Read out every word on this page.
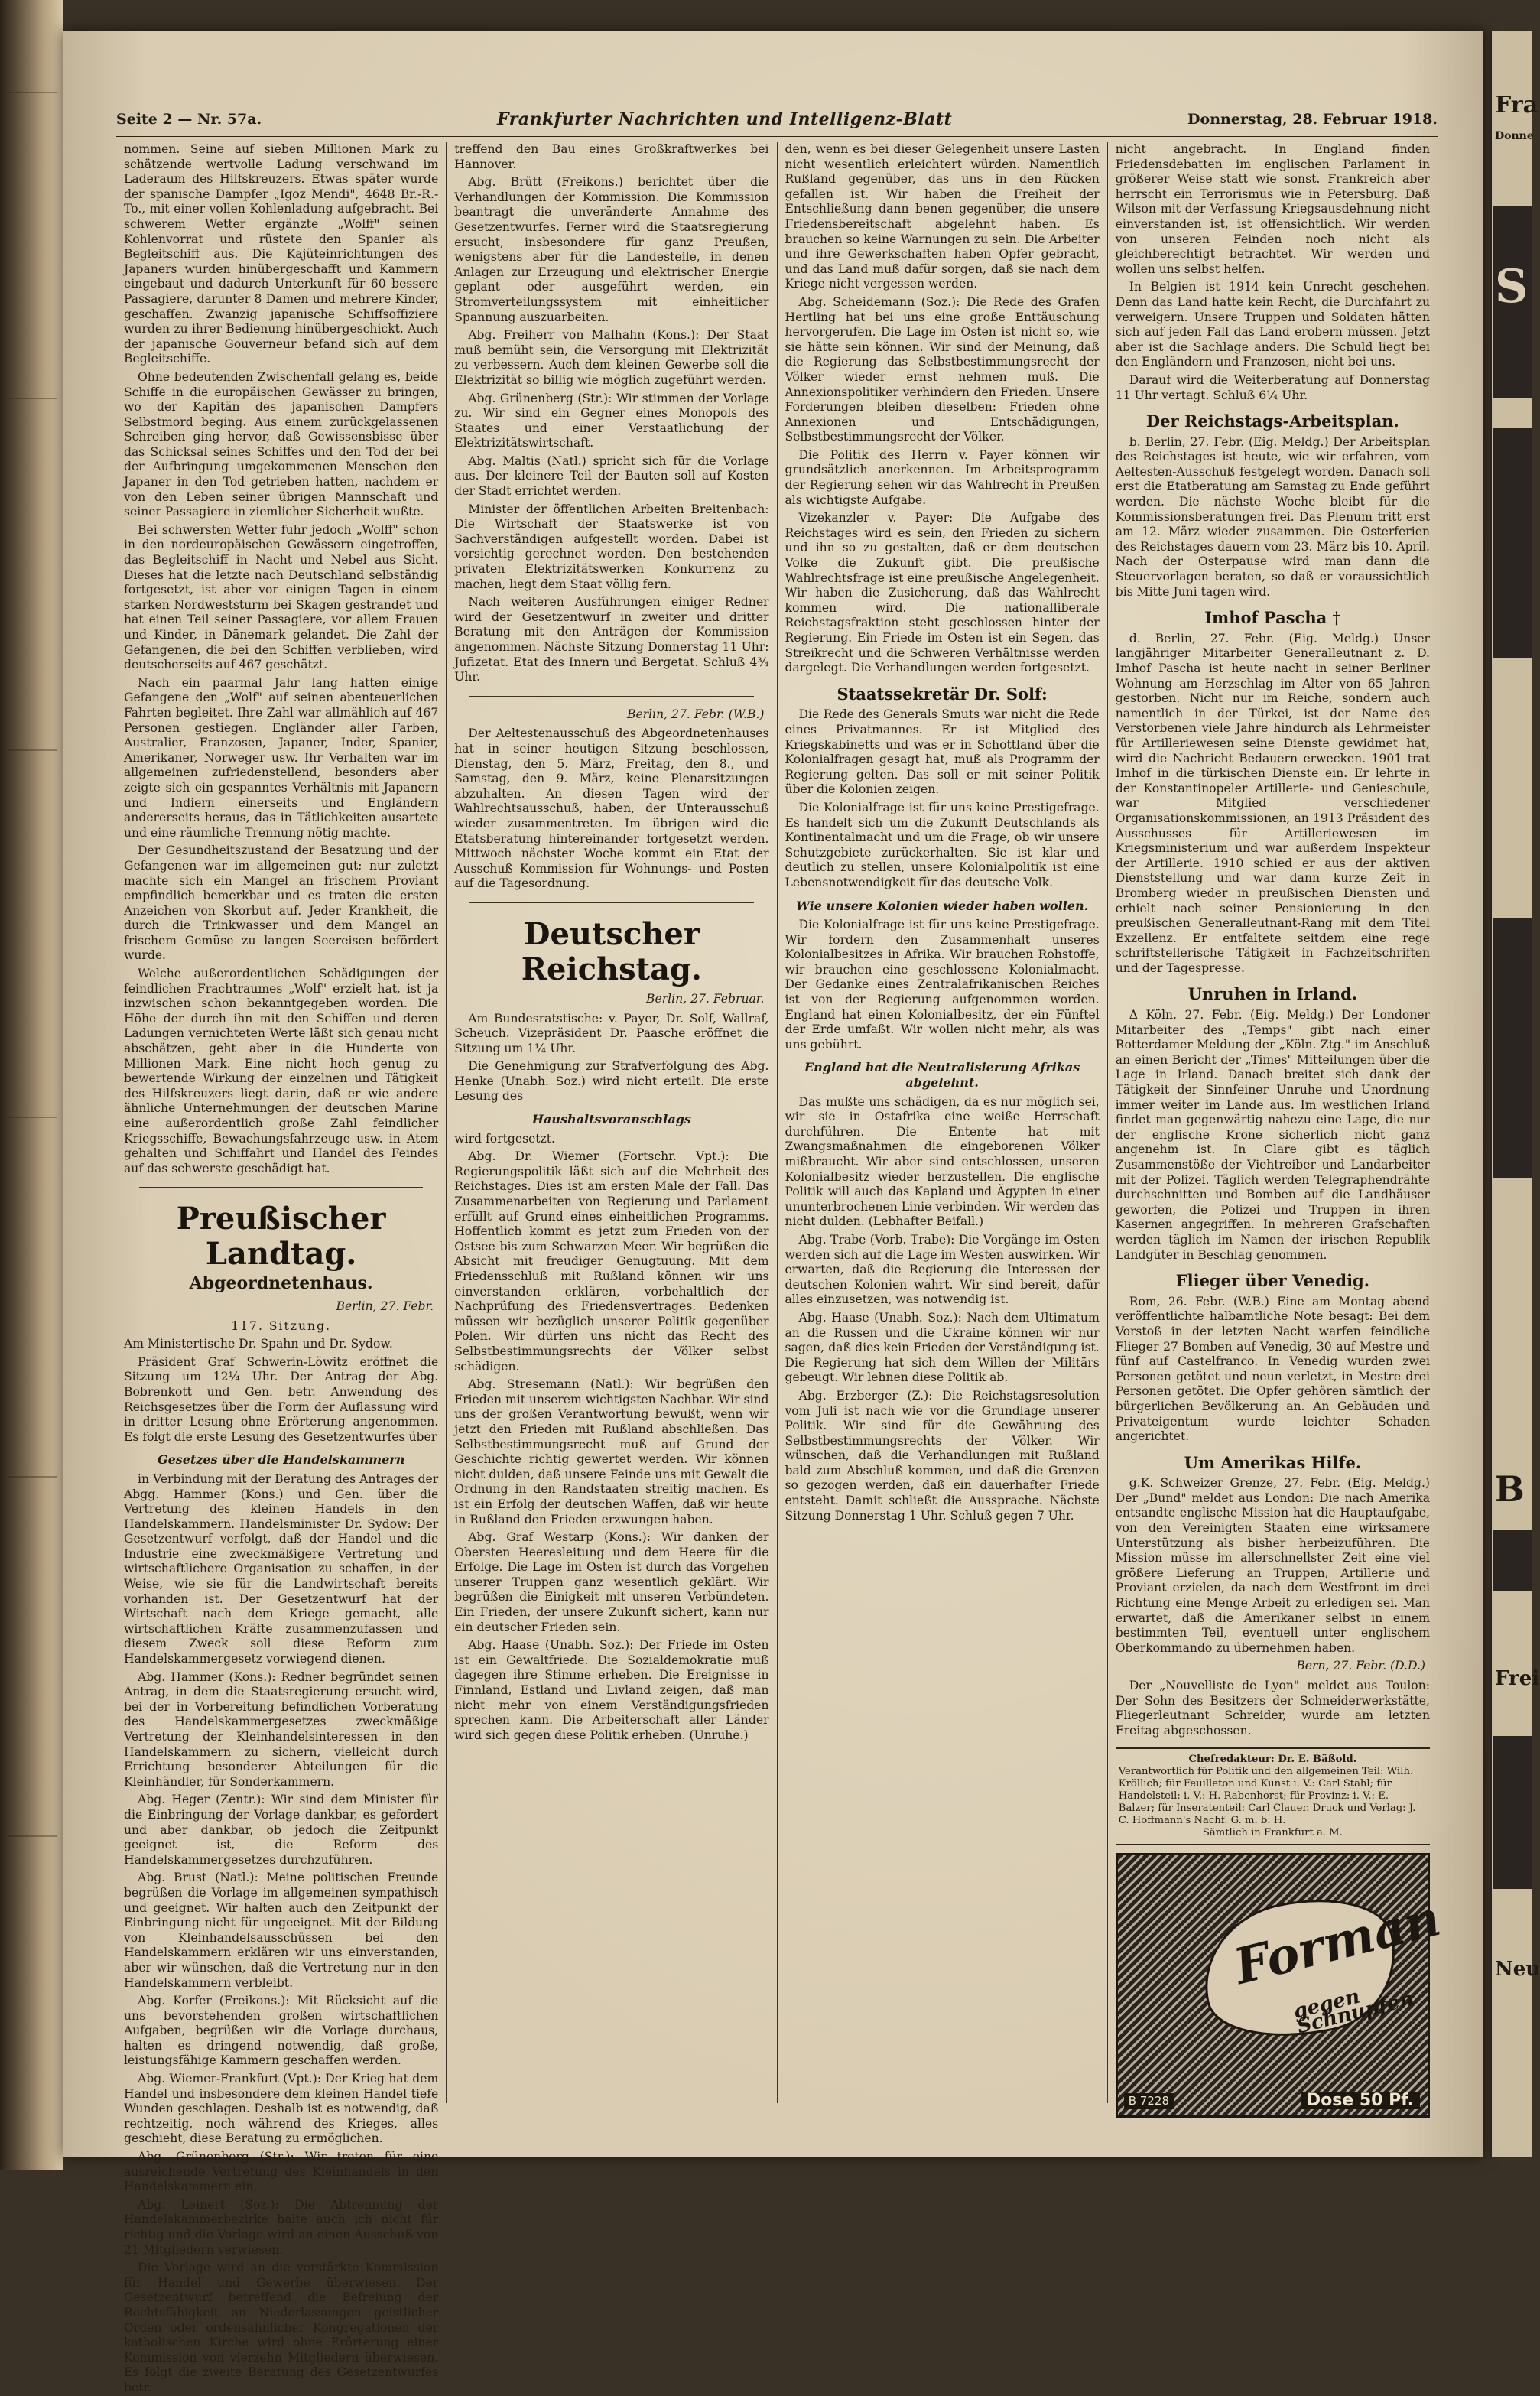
Seite 2 — Nr. 57a.	Frankfurter Nachrichten und Intelligenz-Blatt	Donnerstag, 28. Februar 1918.

nommen. Seine auf sieben Millionen Mark zu schätzende wertvolle Ladung verschwand im Laderaum des Hilfskreuzers. Etwas später wurde der spanische Dampfer „Igoz Mendi", 4648 Br.-R.-To., mit einer vollen Kohlenladung aufgebracht. Bei schwerem Wetter ergänzte „Wolff" seinen Kohlenvorrat und rüstete den Spanier als Begleitschiff aus. Die Kajüteinrichtungen des Japaners wurden hinübergeschafft und Kammern eingebaut und dadurch Unterkunft für 60 bessere Passagiere, darunter 8 Damen und mehrere Kinder, geschaffen. Zwanzig japanische Schiffsoffiziere wurden zu ihrer Bedienung hinübergeschickt. Auch der japanische Gouverneur befand sich auf dem Begleitschiffe.

Ohne bedeutenden Zwischenfall gelang es, beide Schiffe in die europäischen Gewässer zu bringen, wo der Kapitän des japanischen Dampfers Selbstmord beging. Aus einem zurückgelassenen Schreiben ging hervor, daß Gewissensbisse über das Schicksal seines Schiffes und den Tod der bei der Aufbringung umgekommenen Menschen den Japaner in den Tod getrieben hatten, nachdem er von den Leben seiner übrigen Mannschaft und seiner Passagiere in ziemlicher Sicherheit wußte.

Bei schwersten Wetter fuhr jedoch „Wolff" schon in den nordeuropäischen Gewässern eingetroffen, das Begleitschiff in Nacht und Nebel aus Sicht. Dieses hat die letzte nach Deutschland selbständig fortgesetzt, ist aber vor einigen Tagen in einem starken Nordweststurm bei Skagen gestrandet und hat einen Teil seiner Passagiere, vor allem Frauen und Kinder, in Dänemark gelandet. Die Zahl der Gefangenen, die bei den Schiffen verblieben, wird deutscherseits auf 467 geschätzt.

Nach ein paarmal Jahr lang hatten einige Gefangene den „Wolf" auf seinen abenteuerlichen Fahrten begleitet. Ihre Zahl war allmählich auf 467 Personen gestiegen. Engländer aller Farben, Australier, Franzosen, Japaner, Inder, Spanier, Amerikaner, Norweger usw. Ihr Verhalten war im allgemeinen zufriedenstellend, besonders aber zeigte sich ein gespanntes Verhältnis mit Japanern und Indiern einerseits und Engländern andererseits heraus, das in Tätlichkeiten ausartete und eine räumliche Trennung nötig machte.

Der Gesundheitszustand der Besatzung und der Gefangenen war im allgemeinen gut; nur zuletzt machte sich ein Mangel an frischem Proviant empfindlich bemerkbar und es traten die ersten Anzeichen von Skorbut auf. Jeder Krankheit, die durch die Trinkwasser und dem Mangel an frischem Gemüse zu langen Seereisen befördert wurde.

Welche außerordentlichen Schädigungen der feindlichen Frachtraumes „Wolf" erzielt hat, ist ja inzwischen schon bekanntgegeben worden. Die Höhe der durch ihn mit den Schiffen und deren Ladungen vernichteten Werte läßt sich genau nicht abschätzen, geht aber in die Hunderte von Millionen Mark. Eine nicht hoch genug zu bewertende Wirkung der einzelnen und Tätigkeit des Hilfskreuzers liegt darin, daß er wie andere ähnliche Unternehmungen der deutschen Marine eine außerordentlich große Zahl feindlicher Kriegsschiffe, Bewachungsfahrzeuge usw. in Atem gehalten und Schiffahrt und Handel des Feindes auf das schwerste geschädigt hat.

Preußischer Landtag.
Abgeordnetenhaus.
Berlin, 27. Febr.
117. Sitzung.

Am Ministertische Dr. Spahn und Dr. Sydow.

Präsident Graf Schwerin-Löwitz eröffnet die Sitzung um 12¼ Uhr. Der Antrag der Abg. Bobrenkott und Gen. betr. Anwendung des Reichsgesetzes über die Form der Auflassung wird in dritter Lesung ohne Erörterung angenommen. Es folgt die erste Lesung des Gesetzentwurfes über

Gesetzes über die Handelskammern

in Verbindung mit der Beratung des Antrages der Abgg. Hammer (Kons.) und Gen. über die Vertretung des kleinen Handels in den Handelskammern. Handelsminister Dr. Sydow: Der Gesetzentwurf verfolgt, daß der Handel und die Industrie eine zweckmäßigere Vertretung und wirtschaftlichere Organisation zu schaffen, in der Weise, wie sie für die Landwirtschaft bereits vorhanden ist. Der Gesetzentwurf hat der Wirtschaft nach dem Kriege gemacht, alle wirtschaftlichen Kräfte zusammenzufassen und diesem Zweck soll diese Reform zum Handelskammergesetz vorwiegend dienen.

Abg. Hammer (Kons.): Redner begründet seinen Antrag, in dem die Staatsregierung ersucht wird, bei der in Vorbereitung befindlichen Vorberatung des Handelskammergesetzes zweckmäßige Vertretung der Kleinhandelsinteressen in den Handelskammern zu sichern, vielleicht durch Errichtung besonderer Abteilungen für die Kleinhändler, für Sonderkammern.

Abg. Heger (Zentr.): Wir sind dem Minister für die Einbringung der Vorlage dankbar, es gefordert und aber dankbar, ob jedoch die Zeitpunkt geeignet ist, die Reform des Handelskammergesetzes durchzuführen.

Abg. Brust (Natl.): Meine politischen Freunde begrüßen die Vorlage im allgemeinen sympathisch und geeignet. Wir halten auch den Zeitpunkt der Einbringung nicht für ungeeignet. Mit der Bildung von Kleinhandelsausschüssen bei den Handelskammern erklären wir uns einverstanden, aber wir wünschen, daß die Vertretung nur in den Handelskammern verbleibt.

Abg. Korfer (Freikons.): Mit Rücksicht auf die uns bevorstehenden großen wirtschaftlichen Aufgaben, begrüßen wir die Vorlage durchaus, halten es dringend notwendig, daß große, leistungsfähige Kammern geschaffen werden.

Abg. Wiemer-Frankfurt (Vpt.): Der Krieg hat dem Handel und insbesondere dem kleinen Handel tiefe Wunden geschlagen. Deshalb ist es notwendig, daß rechtzeitig, noch während des Krieges, alles geschieht, diese Beratung zu ermöglichen.

Abg. Grünenberg (Str.): Wir treten für eine ausreichende Vertretung des Kleinhandels in den Handelskammern ein.

Abg. Leinert (Soz.): Die Abtrennung der Handelskammerbezirke halte auch ich nicht für richtig und die Vorlage wird an einen Ausschuß von 21 Mitgliedern verwiesen.

Die Vorlage wird an die verstärkte Kommission für Handel und Gewerbe überwiesen. Der Gesetzentwurf betreffend die Befreiung der Rechtsfähigkeit an Niederlassungen geistlicher Orden oder ordensähnlicher Kongregationen der katholischen Kirche wird ohne Erörterung einer Kommission von vierzehn Mitgliedern überwiesen. Es folgt die zweite Beratung des Gesetzentwurfes betr.

treffend den Bau eines Großkraftwerkes bei Hannover.

Abg. Brütt (Freikons.) berichtet über die Verhandlungen der Kommission. Die Kommission beantragt die unveränderte Annahme des Gesetzentwurfes. Ferner wird die Staatsregierung ersucht, insbesondere für ganz Preußen, wenigstens aber für die Landesteile, in denen Anlagen zur Erzeugung und elektrischer Energie geplant oder ausgeführt werden, ein Stromverteilungssystem mit einheitlicher Spannung auszuarbeiten.

Abg. Freiherr von Malhahn (Kons.): Der Staat muß bemüht sein, die Versorgung mit Elektrizität zu verbessern. Auch dem kleinen Gewerbe soll die Elektrizität so billig wie möglich zugeführt werden.

Abg. Grünenberg (Str.): Wir stimmen der Vorlage zu. Wir sind ein Gegner eines Monopols des Staates und einer Verstaatlichung der Elektrizitätswirtschaft.

Abg. Maltis (Natl.) spricht sich für die Vorlage aus. Der kleinere Teil der Bauten soll auf Kosten der Stadt errichtet werden.

Minister der öffentlichen Arbeiten Breitenbach: Die Wirtschaft der Staatswerke ist von Sachverständigen aufgestellt worden. Dabei ist vorsichtig gerechnet worden. Den bestehenden privaten Elektrizitätswerken Konkurrenz zu machen, liegt dem Staat völlig fern.

Nach weiteren Ausführungen einiger Redner wird der Gesetzentwurf in zweiter und dritter Beratung mit den Anträgen der Kommission angenommen. Nächste Sitzung Donnerstag 11 Uhr: Jufizetat. Etat des Innern und Bergetat. Schluß 4¾ Uhr.

Berlin, 27. Febr. (W.B.)

Der Aeltestenausschuß des Abgeordnetenhauses hat in seiner heutigen Sitzung beschlossen, Dienstag, den 5. März, Freitag, den 8., und Samstag, den 9. März, keine Plenarsitzungen abzuhalten. An diesen Tagen wird der Wahlrechtsausschuß, haben, der Unterausschuß wieder zusammentreten. Im übrigen wird die Etatsberatung hintereinander fortgesetzt werden. Mittwoch nächster Woche kommt ein Etat der Ausschuß Kommission für Wohnungs- und Posten auf die Tagesordnung.

Deutscher Reichstag.
Berlin, 27. Februar.

Am Bundesratstische: v. Payer, Dr. Solf, Wallraf, Scheuch. Vizepräsident Dr. Paasche eröffnet die Sitzung um 1¼ Uhr.

Die Genehmigung zur Strafverfolgung des Abg. Henke (Unabh. Soz.) wird nicht erteilt. Die erste Lesung des

Haushaltsvoranschlags

wird fortgesetzt.

Abg. Dr. Wiemer (Fortschr. Vpt.): Die Regierungspolitik läßt sich auf die Mehrheit des Reichstages. Dies ist am ersten Male der Fall. Das Zusammenarbeiten von Regierung und Parlament erfüllt auf Grund eines einheitlichen Programms. Hoffentlich kommt es jetzt zum Frieden von der Ostsee bis zum Schwarzen Meer. Wir begrüßen die Absicht mit freudiger Genugtuung. Mit dem Friedensschluß mit Rußland können wir uns einverstanden erklären, vorbehaltlich der Nachprüfung des Friedensvertrages. Bedenken müssen wir bezüglich unserer Politik gegenüber Polen. Wir dürfen uns nicht das Recht des Selbstbestimmungsrechts der Völker selbst schädigen.

Abg. Stresemann (Natl.): Wir begrüßen den Frieden mit unserem wichtigsten Nachbar. Wir sind uns der großen Verantwortung bewußt, wenn wir jetzt den Frieden mit Rußland abschließen. Das Selbstbestimmungsrecht muß auf Grund der Geschichte richtig gewertet werden. Wir können nicht dulden, daß unsere Feinde uns mit Gewalt die Ordnung in den Randstaaten streitig machen. Es ist ein Erfolg der deutschen Waffen, daß wir heute in Rußland den Frieden erzwungen haben.

Abg. Graf Westarp (Kons.): Wir danken der Obersten Heeresleitung und dem Heere für die Erfolge. Die Lage im Osten ist durch das Vorgehen unserer Truppen ganz wesentlich geklärt. Wir begrüßen die Einigkeit mit unseren Verbündeten. Ein Frieden, der unsere Zukunft sichert, kann nur ein deutscher Frieden sein.

Abg. Haase (Unabh. Soz.): Der Friede im Osten ist ein Gewaltfriede. Die Sozialdemokratie muß dagegen ihre Stimme erheben. Die Ereignisse in Finnland, Estland und Livland zeigen, daß man nicht mehr von einem Verständigungsfrieden sprechen kann. Die Arbeiterschaft aller Länder wird sich gegen diese Politik erheben. (Unruhe.)

den, wenn es bei dieser Gelegenheit unsere Lasten nicht wesentlich erleichtert würden. Namentlich Rußland gegenüber, das uns in den Rücken gefallen ist. Wir haben die Freiheit der Entschließung dann benen gegenüber, die unsere Friedensbereitschaft abgelehnt haben. Es brauchen so keine Warnungen zu sein. Die Arbeiter und ihre Gewerkschaften haben Opfer gebracht, und das Land muß dafür sorgen, daß sie nach dem Kriege nicht vergessen werden.

Abg. Scheidemann (Soz.): Die Rede des Grafen Hertling hat bei uns eine große Enttäuschung hervorgerufen. Die Lage im Osten ist nicht so, wie sie hätte sein können. Wir sind der Meinung, daß die Regierung das Selbstbestimmungsrecht der Völker wieder ernst nehmen muß. Die Annexionspolitiker verhindern den Frieden. Unsere Forderungen bleiben dieselben: Frieden ohne Annexionen und Entschädigungen, Selbstbestimmungsrecht der Völker.

Die Politik des Herrn v. Payer können wir grundsätzlich anerkennen. Im Arbeitsprogramm der Regierung sehen wir das Wahlrecht in Preußen als wichtigste Aufgabe.

Vizekanzler v. Payer: Die Aufgabe des Reichstages wird es sein, den Frieden zu sichern und ihn so zu gestalten, daß er dem deutschen Volke die Zukunft gibt. Die preußische Wahlrechtsfrage ist eine preußische Angelegenheit. Wir haben die Zusicherung, daß das Wahlrecht kommen wird. Die nationalliberale Reichstagsfraktion steht geschlossen hinter der Regierung. Ein Friede im Osten ist ein Segen, das Streikrecht und die Schweren Verhältnisse werden dargelegt. Die Verhandlungen werden fortgesetzt.

Staatssekretär Dr. Solf:

Die Rede des Generals Smuts war nicht die Rede eines Privatmannes. Er ist Mitglied des Kriegskabinetts und was er in Schottland über die Kolonialfragen gesagt hat, muß als Programm der Regierung gelten. Das soll er mit seiner Politik über die Kolonien zeigen.

Die Kolonialfrage ist für uns keine Prestigefrage. Es handelt sich um die Zukunft Deutschlands als Kontinentalmacht und um die Frage, ob wir unsere Schutzgebiete zurückerhalten. Sie ist klar und deutlich zu stellen, unsere Kolonialpolitik ist eine Lebensnotwendigkeit für das deutsche Volk.

Wie unsere Kolonien wieder haben wollen.

Die Kolonialfrage ist für uns keine Prestigefrage. Wir fordern den Zusammenhalt unseres Kolonialbesitzes in Afrika. Wir brauchen Rohstoffe, wir brauchen eine geschlossene Kolonialmacht. Der Gedanke eines Zentralafrikanischen Reiches ist von der Regierung aufgenommen worden. England hat einen Kolonialbesitz, der ein Fünftel der Erde umfaßt. Wir wollen nicht mehr, als was uns gebührt.

England hat die Neutralisierung Afrikas abgelehnt.

Das mußte uns schädigen, da es nur möglich sei, wir sie in Ostafrika eine weiße Herrschaft durchführen. Die Entente hat mit Zwangsmaßnahmen die eingeborenen Völker mißbraucht. Wir aber sind entschlossen, unseren Kolonialbesitz wieder herzustellen. Die englische Politik will auch das Kapland und Ägypten in einer ununterbrochenen Linie verbinden. Wir werden das nicht dulden. (Lebhafter Beifall.)

Abg. Trabe (Vorb. Trabe): Die Vorgänge im Osten werden sich auf die Lage im Westen auswirken. Wir erwarten, daß die Regierung die Interessen der deutschen Kolonien wahrt. Wir sind bereit, dafür alles einzusetzen, was notwendig ist.

Abg. Haase (Unabh. Soz.): Nach dem Ultimatum an die Russen und die Ukraine können wir nur sagen, daß dies kein Frieden der Verständigung ist. Die Regierung hat sich dem Willen der Militärs gebeugt. Wir lehnen diese Politik ab.

Abg. Erzberger (Z.): Die Reichstagsresolution vom Juli ist nach wie vor die Grundlage unserer Politik. Wir sind für die Gewährung des Selbstbestimmungsrechts der Völker. Wir wünschen, daß die Verhandlungen mit Rußland bald zum Abschluß kommen, und daß die Grenzen so gezogen werden, daß ein dauerhafter Friede entsteht. Damit schließt die Aussprache. Nächste Sitzung Donnerstag 1 Uhr. Schluß gegen 7 Uhr.

nicht angebracht. In England finden Friedensdebatten im englischen Parlament in größerer Weise statt wie sonst. Frankreich aber herrscht ein Terrorismus wie in Petersburg. Daß Wilson mit der Verfassung Kriegsausdehnung nicht einverstanden ist, ist offensichtlich. Wir werden von unseren Feinden noch nicht als gleichberechtigt betrachtet. Wir werden und wollen uns selbst helfen.

In Belgien ist 1914 kein Unrecht geschehen. Denn das Land hatte kein Recht, die Durchfahrt zu verweigern. Unsere Truppen und Soldaten hätten sich auf jeden Fall das Land erobern müssen. Jetzt aber ist die Sachlage anders. Die Schuld liegt bei den Engländern und Franzosen, nicht bei uns.

Darauf wird die Weiterberatung auf Donnerstag 11 Uhr vertagt. Schluß 6¼ Uhr.

Der Reichstags-Arbeitsplan.

b. Berlin, 27. Febr. (Eig. Meldg.) Der Arbeitsplan des Reichstages ist heute, wie wir erfahren, vom Aeltesten-Ausschuß festgelegt worden. Danach soll erst die Etatberatung am Samstag zu Ende geführt werden. Die nächste Woche bleibt für die Kommissionsberatungen frei. Das Plenum tritt erst am 12. März wieder zusammen. Die Osterferien des Reichstages dauern vom 23. März bis 10. April. Nach der Osterpause wird man dann die Steuervorlagen beraten, so daß er voraussichtlich bis Mitte Juni tagen wird.

Imhof Pascha †

d. Berlin, 27. Febr. (Eig. Meldg.) Unser langjähriger Mitarbeiter Generalleutnant z. D. Imhof Pascha ist heute nacht in seiner Berliner Wohnung am Herzschlag im Alter von 65 Jahren gestorben. Nicht nur im Reiche, sondern auch namentlich in der Türkei, ist der Name des Verstorbenen viele Jahre hindurch als Lehrmeister für Artilleriewesen seine Dienste gewidmet hat, wird die Nachricht Bedauern erwecken. 1901 trat Imhof in die türkischen Dienste ein. Er lehrte in der Konstantinopeler Artillerie- und Genieschule, war Mitglied verschiedener Organisationskommissionen, an 1913 Präsident des Ausschusses für Artilleriewesen im Kriegsministerium und war außerdem Inspekteur der Artillerie. 1910 schied er aus der aktiven Dienststellung und war dann kurze Zeit in Bromberg wieder in preußischen Diensten und erhielt nach seiner Pensionierung in den preußischen Generalleutnant-Rang mit dem Titel Exzellenz. Er entfaltete seitdem eine rege schriftstellerische Tätigkeit in Fachzeitschriften und der Tagespresse.

Unruhen in Irland.

Δ Köln, 27. Febr. (Eig. Meldg.) Der Londoner Mitarbeiter des „Temps" gibt nach einer Rotterdamer Meldung der „Köln. Ztg." im Anschluß an einen Bericht der „Times" Mitteilungen über die Lage in Irland. Danach breitet sich dank der Tätigkeit der Sinnfeiner Unruhe und Unordnung immer weiter im Lande aus. Im westlichen Irland findet man gegenwärtig nahezu eine Lage, die nur der englische Krone sicherlich nicht ganz angenehm ist. In Clare gibt es täglich Zusammenstöße der Viehtreiber und Landarbeiter mit der Polizei. Täglich werden Telegraphendrähte durchschnitten und Bomben auf die Landhäuser geworfen, die Polizei und Truppen in ihren Kasernen angegriffen. In mehreren Grafschaften werden täglich im Namen der irischen Republik Landgüter in Beschlag genommen.

Flieger über Venedig.

Rom, 26. Febr. (W.B.) Eine am Montag abend veröffentlichte halbamtliche Note besagt: Bei dem Vorstoß in der letzten Nacht warfen feindliche Flieger 27 Bomben auf Venedig, 30 auf Mestre und fünf auf Castelfranco. In Venedig wurden zwei Personen getötet und neun verletzt, in Mestre drei Personen getötet. Die Opfer gehören sämtlich der bürgerlichen Bevölkerung an. An Gebäuden und Privateigentum wurde leichter Schaden angerichtet.

Um Amerikas Hilfe.

g.K. Schweizer Grenze, 27. Febr. (Eig. Meldg.) Der „Bund" meldet aus London: Die nach Amerika entsandte englische Mission hat die Hauptaufgabe, von den Vereinigten Staaten eine wirksamere Unterstützung als bisher herbeizuführen. Die Mission müsse im allerschnellster Zeit eine viel größere Lieferung an Truppen, Artillerie und Proviant erzielen, da nach dem Westfront im drei Richtung eine Menge Arbeit zu erledigen sei. Man erwartet, daß die Amerikaner selbst in einem bestimmten Teil, eventuell unter englischem Oberkommando zu übernehmen haben.

Bern, 27. Febr. (D.D.)

Der „Nouvelliste de Lyon" meldet aus Toulon: Der Sohn des Besitzers der Schneiderwerkstätte, Fliegerleutnant Schreider, wurde am letzten Freitag abgeschossen.

Chefredakteur: Dr. E. Bäßold.
Verantwortlich für Politik und den allgemeinen Teil: Wilh. Kröllich; für Feuilleton und Kunst i. V.: Carl Stahl; für Handelsteil: i. V.: H. Rabenhorst; für Provinz: i. V.: E. Balzer; für Inseratenteil: Carl Clauer. Druck und Verlag: J. C. Hoffmann's Nachf. G. m. b. H.
Sämtlich in Frankfurt a. M.
Forman
gegen Schnupfen
B 7228	Dose 50 Pf.
Fra
Donne
S
B
Frei
Neu
